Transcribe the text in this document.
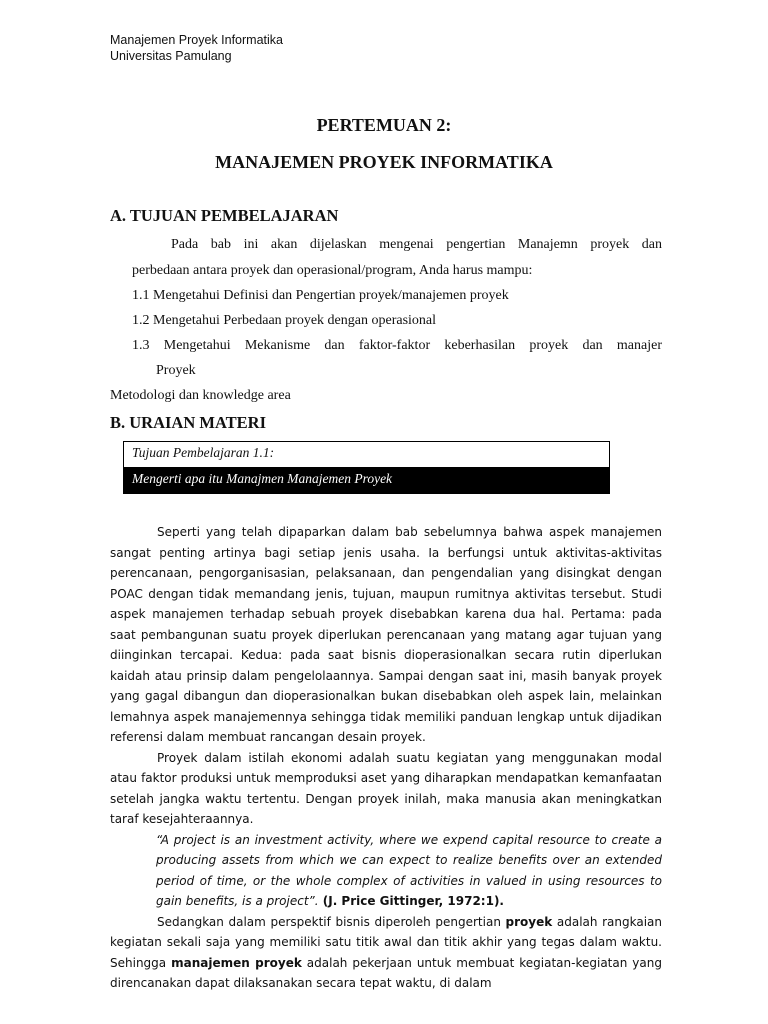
Manajemen Proyek Informatika
Universitas Pamulang
PERTEMUAN 2:
MANAJEMEN PROYEK INFORMATIKA
A. TUJUAN PEMBELAJARAN
Pada bab ini akan dijelaskan mengenai pengertian Manajemn proyek dan
perbedaan antara proyek dan operasional/program, Anda harus mampu:
1.1 Mengetahui Definisi dan Pengertian proyek/manajemen proyek
1.2 Mengetahui Perbedaan proyek dengan operasional
1.3 Mengetahui Mekanisme dan faktor-faktor keberhasilan proyek dan manajer
Proyek
Metodologi dan knowledge area
B. URAIAN MATERI
Tujuan Pembelajaran 1.1:
Mengerti apa itu Manajmen Manajemen Proyek

Seperti yang telah dipaparkan dalam bab sebelumnya bahwa aspek manajemen sangat penting artinya bagi setiap jenis usaha. Ia berfungsi untuk aktivitas-aktivitas perencanaan, pengorganisasian, pelaksanaan, dan pengendalian yang disingkat dengan POAC dengan tidak memandang jenis, tujuan, maupun rumitnya aktivitas tersebut. Studi aspek manajemen terhadap sebuah proyek disebabkan karena dua hal. Pertama: pada saat pembangunan suatu proyek diperlukan perencanaan yang matang agar tujuan yang diinginkan tercapai. Kedua: pada saat bisnis dioperasionalkan secara rutin diperlukan kaidah atau prinsip dalam pengelolaannya. Sampai dengan saat ini, masih banyak proyek yang gagal dibangun dan dioperasionalkan bukan disebabkan oleh aspek lain, melainkan lemahnya aspek manajemennya sehingga tidak memiliki panduan lengkap untuk dijadikan referensi dalam membuat rancangan desain proyek.

Proyek dalam istilah ekonomi adalah suatu kegiatan yang menggunakan modal atau faktor produksi untuk memproduksi aset yang diharapkan mendapatkan kemanfaatan setelah jangka waktu tertentu. Dengan proyek inilah, maka manusia akan meningkatkan taraf kesejahteraannya.

“A project is an investment activity, where we expend capital resource to create a producing assets from which we can expect to realize benefits over an extended period of time, or the whole complex of activities in valued in using resources to gain benefits, is a project”. (J. Price Gittinger, 1972:1).

Sedangkan dalam perspektif bisnis diperoleh pengertian proyek adalah rangkaian kegiatan sekali saja yang memiliki satu titik awal dan titik akhir yang tegas dalam waktu. Sehingga manajemen proyek adalah pekerjaan untuk membuat kegiatan-kegiatan yang direncanakan dapat dilaksanakan secara tepat waktu, di dalam
